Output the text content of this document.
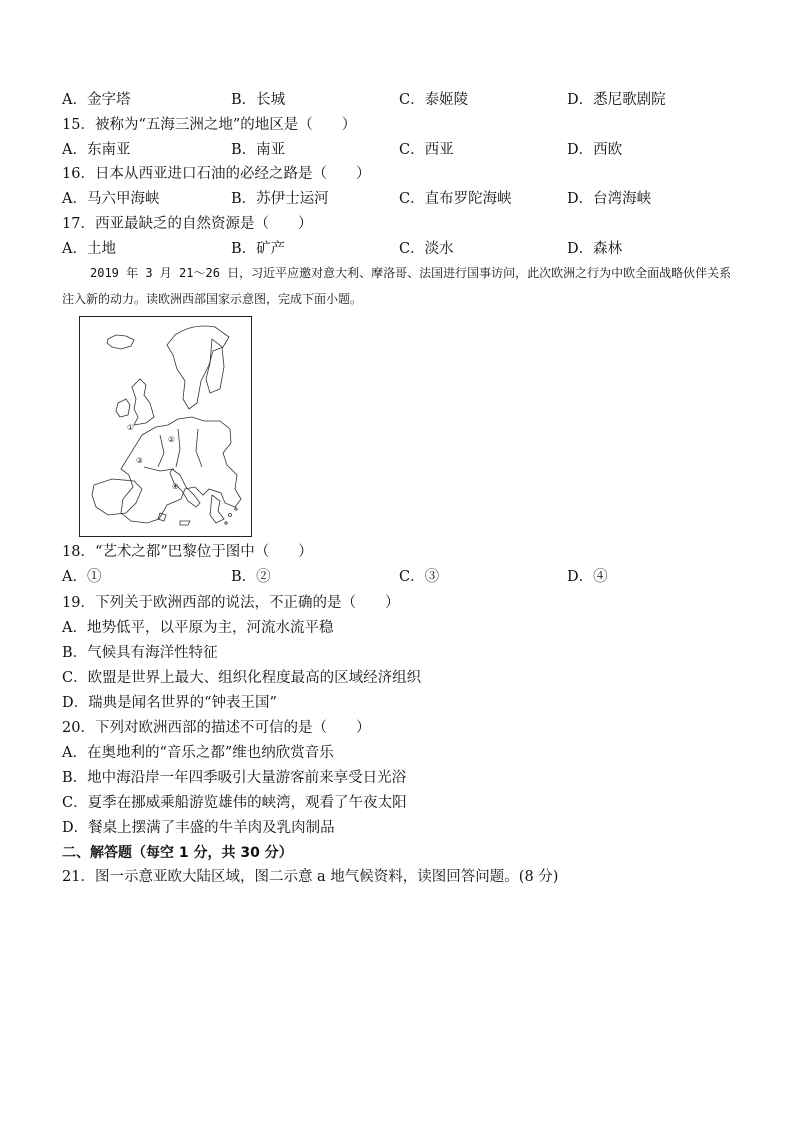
A．金字塔	B．长城	C．泰姬陵	D．悉尼歌剧院
15．被称为“五海三洲之地”的地区是（　　）
A．东南亚	B．南亚	C．西亚	D．西欧
16．日本从西亚进口石油的必经之路是（　　）
A．马六甲海峡	B．苏伊士运河	C．直布罗陀海峡	D．台湾海峡
17．西亚最缺乏的自然资源是（　　）
A．土地	B．矿产	C．淡水	D．森林
2019 年 3 月 21～26 日，习近平应邀对意大利、摩洛哥、法国进行国事访问，此次欧洲之行为中欧全面战略伙伴关系注入新的动力。读欧洲西部国家示意图，完成下面小题。
①
②
③
④
18．“艺术之都”巴黎位于图中（　　）
A．①	B．②	C．③	D．④
19．下列关于欧洲西部的说法，不正确的是（　　）
A．地势低平，以平原为主，河流水流平稳
B．气候具有海洋性特征
C．欧盟是世界上最大、组织化程度最高的区域经济组织
D．瑞典是闻名世界的“钟表王国”
20．下列对欧洲西部的描述不可信的是（　　）
A．在奥地利的“音乐之都”维也纳欣赏音乐
B．地中海沿岸一年四季吸引大量游客前来享受日光浴
C．夏季在挪威乘船游览雄伟的峡湾，观看了午夜太阳
D．餐桌上摆满了丰盛的牛羊肉及乳肉制品
二、解答题（每空 1 分，共 30 分）
21．图一示意亚欧大陆区域，图二示意 a 地气候资料，读图回答问题。(8 分)
